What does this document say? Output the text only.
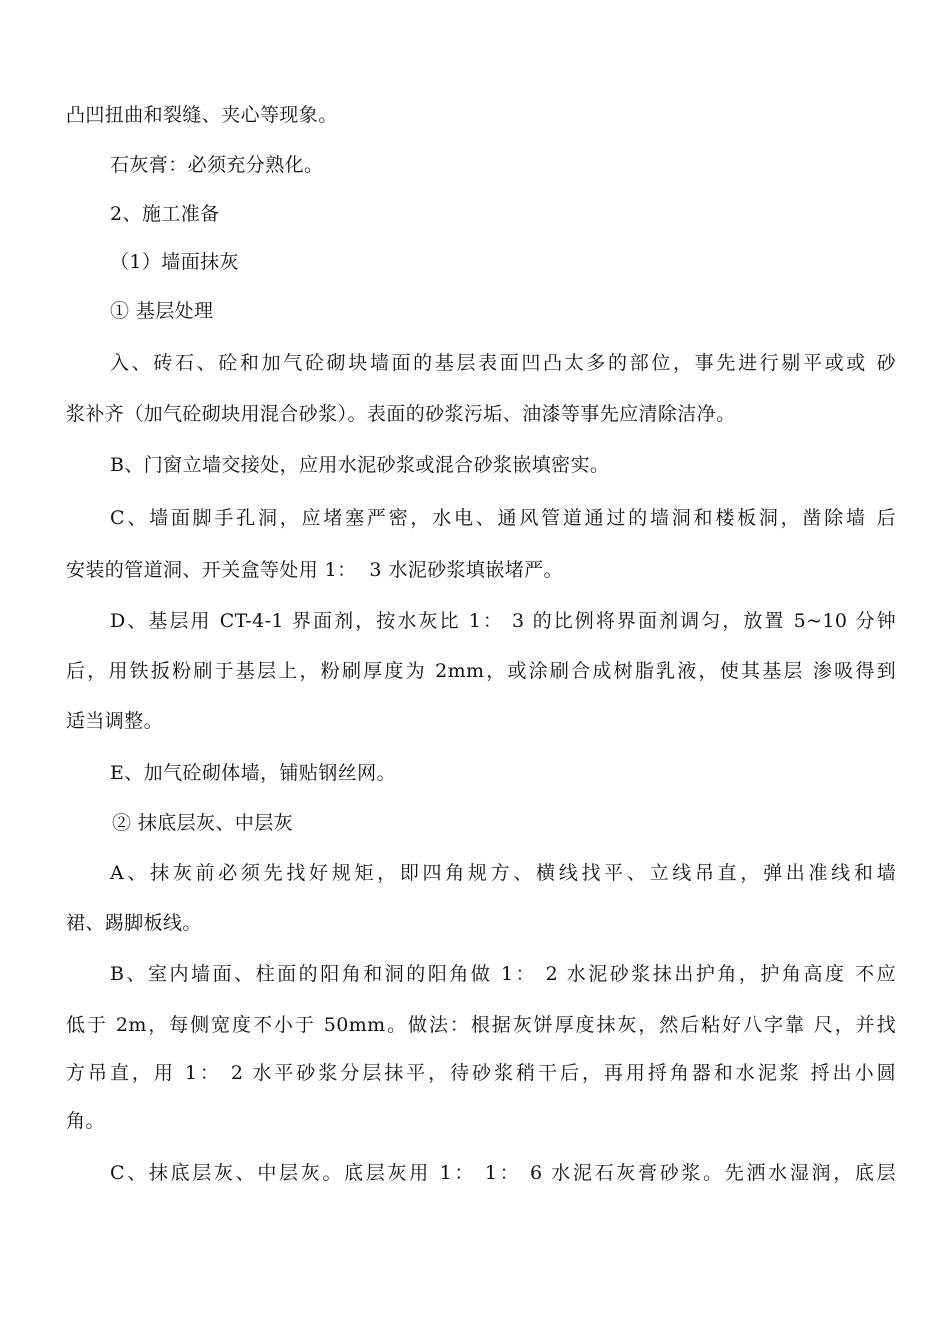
凸凹扭曲和裂缝、夹心等现象。
石灰膏：必须充分熟化。
2、施工准备
（1）墙面抹灰
① 基层处理
入、砖石、砼和加气砼砌块墙面的基层表面凹凸太多的部位，事先进行剔平或或 砂
浆补齐（加气砼砌块用混合砂浆）。表面的砂浆污垢、油漆等事先应清除洁净。
B、门窗立墙交接处，应用水泥砂浆或混合砂浆嵌填密实。
C、墙面脚手孔洞，应堵塞严密，水电、通风管道通过的墙洞和楼板洞，凿除墙 后
安装的管道洞、开关盒等处用 1：  3 水泥砂浆填嵌堵严。
D、基层用 CT-4-1 界面剂，按水灰比 1： 3 的比例将界面剂调匀，放置 5~10 分钟
后，用铁扳粉刷于基层上，粉刷厚度为 2mm，或涂刷合成树脂乳液，使其基层 渗吸得到
适当调整。
E、加气砼砌体墙，铺贴钢丝网。
② 抹底层灰、中层灰
A、抹灰前必须先找好规矩，即四角规方、横线找平、立线吊直，弹出准线和墙
裙、踢脚板线。
B、室内墙面、柱面的阳角和洞的阳角做 1： 2 水泥砂浆抹出护角，护角高度 不应
低于 2m，每侧宽度不小于 50mm。做法：根据灰饼厚度抹灰，然后粘好八字靠 尺，并找
方吊直，用 1： 2 水平砂浆分层抹平，待砂浆稍干后，再用捋角器和水泥浆 捋出小圆
角。
C、抹底层灰、中层灰。底层灰用 1： 1： 6 水泥石灰膏砂浆。先洒水湿润，底层
